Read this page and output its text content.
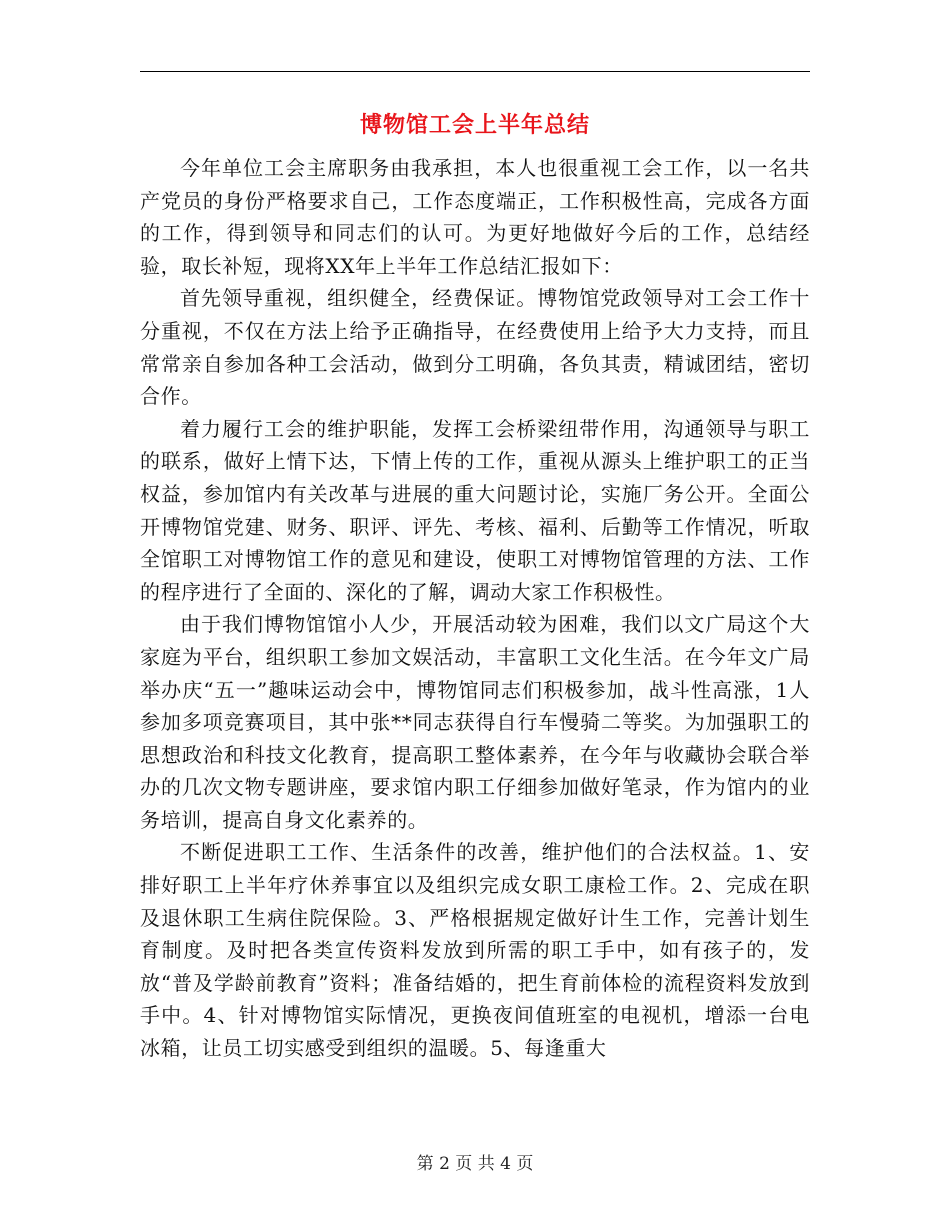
博物馆工会上半年总结

今年单位工会主席职务由我承担，本人也很重视工会工作，以一名共产党员的身份严格要求自己，工作态度端正，工作积极性高，完成各方面的工作，得到领导和同志们的认可。为更好地做好今后的工作，总结经验，取长补短，现将XX年上半年工作总结汇报如下：

首先领导重视，组织健全，经费保证。博物馆党政领导对工会工作十分重视，不仅在方法上给予正确指导，在经费使用上给予大力支持，而且常常亲自参加各种工会活动，做到分工明确，各负其责，精诚团结，密切合作。

着力履行工会的维护职能，发挥工会桥梁纽带作用，沟通领导与职工的联系，做好上情下达，下情上传的工作，重视从源头上维护职工的正当权益，参加馆内有关改革与进展的重大问题讨论，实施厂务公开。全面公开博物馆党建、财务、职评、评先、考核、福利、后勤等工作情况，听取全馆职工对博物馆工作的意见和建设，使职工对博物馆管理的方法、工作的程序进行了全面的、深化的了解，调动大家工作积极性。

由于我们博物馆馆小人少，开展活动较为困难，我们以文广局这个大家庭为平台，组织职工参加文娱活动，丰富职工文化生活。在今年文广局举办庆“五一”趣味运动会中，博物馆同志们积极参加，战斗性高涨，1人参加多项竞赛项目，其中张**同志获得自行车慢骑二等奖。为加强职工的思想政治和科技文化教育，提高职工整体素养，在今年与收藏协会联合举办的几次文物专题讲座，要求馆内职工仔细参加做好笔录，作为馆内的业务培训，提高自身文化素养的。

不断促进职工工作、生活条件的改善，维护他们的合法权益。1、安排好职工上半年疗休养事宜以及组织完成女职工康检工作。2、完成在职及退休职工生病住院保险。3、严格根据规定做好计生工作，完善计划生育制度。及时把各类宣传资料发放到所需的职工手中，如有孩子的，发放“普及学龄前教育”资料；准备结婚的，把生育前体检的流程资料发放到手中。4、针对博物馆实际情况，更换夜间值班室的电视机，增添一台电冰箱，让员工切实感受到组织的温暖。5、每逢重大

第 2 页 共 4 页
